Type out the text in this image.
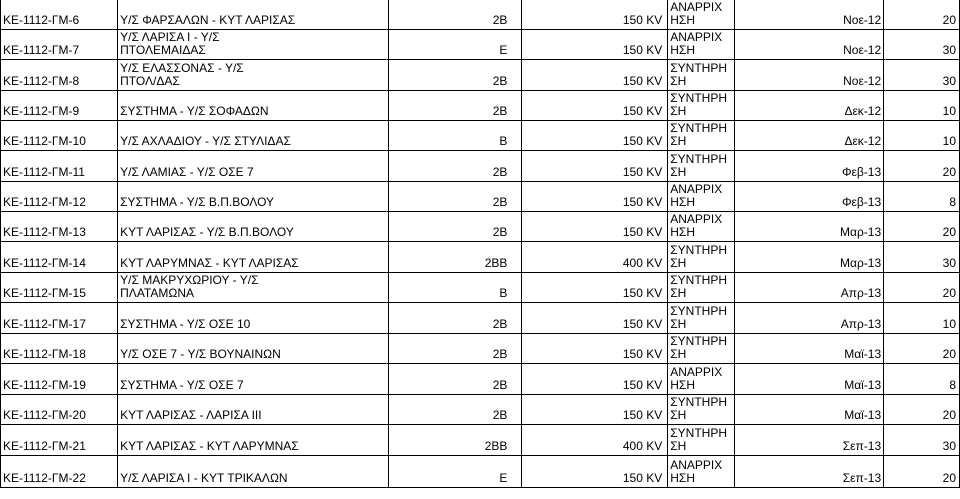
ΚΕ-1112-ΓΜ-6	Υ/Σ ΦΑΡΣΑΛΩΝ - ΚΥΤ ΛΑΡΙΣΑΣ	2Β	150 KV	ΑΝΑΡΡΙΧ
ΗΣΗ	Νοε-12	20

ΚΕ-1112-ΓΜ-7	Υ/Σ ΛΑΡΙΣΑ Ι - Υ/Σ
ΠΤΟΛΕΜΑΙΔΑΣ	Ε	150 KV	ΑΝΑΡΡΙΧ
ΗΣΗ	Νοε-12	30

ΚΕ-1112-ΓΜ-8	Υ/Σ ΕΛΑΣΣΟΝΑΣ - Υ/Σ
ΠΤΟΛ/ΔΑΣ	2Β	150 KV	ΣΥΝΤΗΡΗ
ΣΗ	Νοε-12	30

ΚΕ-1112-ΓΜ-9	ΣΥΣΤΗΜΑ - Υ/Σ ΣΟΦΑΔΩΝ	2Β	150 KV	ΣΥΝΤΗΡΗ
ΣΗ	Δεκ-12	10

ΚΕ-1112-ΓΜ-10	Υ/Σ ΑΧΛΑΔΙΟΥ - Υ/Σ ΣΤΥΛΙΔΑΣ	Β	150 KV	ΣΥΝΤΗΡΗ
ΣΗ	Δεκ-12	10

ΚΕ-1112-ΓΜ-11	Υ/Σ ΛΑΜΙΑΣ - Υ/Σ ΟΣΕ 7	2Β	150 KV	ΣΥΝΤΗΡΗ
ΣΗ	Φεβ-13	20

ΚΕ-1112-ΓΜ-12	ΣΥΣΤΗΜΑ - Υ/Σ Β.Π.ΒΟΛΟΥ	2Β	150 KV	ΑΝΑΡΡΙΧ
ΗΣΗ	Φεβ-13	8

ΚΕ-1112-ΓΜ-13	ΚΥΤ ΛΑΡΙΣΑΣ - Υ/Σ Β.Π.ΒΟΛΟΥ	2Β	150 KV	ΑΝΑΡΡΙΧ
ΗΣΗ	Μαρ-13	20

ΚΕ-1112-ΓΜ-14	ΚΥΤ ΛΑΡΥΜΝΑΣ - ΚΥΤ ΛΑΡΙΣΑΣ	2ΒΒ	400 KV	ΣΥΝΤΗΡΗ
ΣΗ	Μαρ-13	30

ΚΕ-1112-ΓΜ-15	Υ/Σ ΜΑΚΡΥΧΩΡΙΟΥ - Υ/Σ
ΠΛΑΤΑΜΩΝΑ	Β	150 KV	ΣΥΝΤΗΡΗ
ΣΗ	Απρ-13	20

ΚΕ-1112-ΓΜ-17	ΣΥΣΤΗΜΑ - Υ/Σ ΟΣΕ 10	2Β	150 KV	ΣΥΝΤΗΡΗ
ΣΗ	Απρ-13	10

ΚΕ-1112-ΓΜ-18	Υ/Σ ΟΣΕ 7 - Υ/Σ ΒΟΥΝΑΙΝΩΝ	2Β	150 KV	ΣΥΝΤΗΡΗ
ΣΗ	Μαϊ-13	20

ΚΕ-1112-ΓΜ-19	ΣΥΣΤΗΜΑ - Υ/Σ ΟΣΕ 7	2Β	150 KV	ΑΝΑΡΡΙΧ
ΗΣΗ	Μαϊ-13	8

ΚΕ-1112-ΓΜ-20	ΚΥΤ ΛΑΡΙΣΑΣ - ΛΑΡΙΣΑ ΙΙΙ	2Β	150 KV	ΣΥΝΤΗΡΗ
ΣΗ	Μαϊ-13	20

ΚΕ-1112-ΓΜ-21	ΚΥΤ ΛΑΡΙΣΑΣ - ΚΥΤ ΛΑΡΥΜΝΑΣ	2ΒΒ	400 KV	ΣΥΝΤΗΡΗ
ΣΗ	Σεπ-13	30

ΚΕ-1112-ΓΜ-22	Υ/Σ ΛΑΡΙΣΑ Ι - ΚΥΤ ΤΡΙΚΑΛΩΝ	Ε	150 KV	ΑΝΑΡΡΙΧ
ΗΣΗ	Σεπ-13	20
